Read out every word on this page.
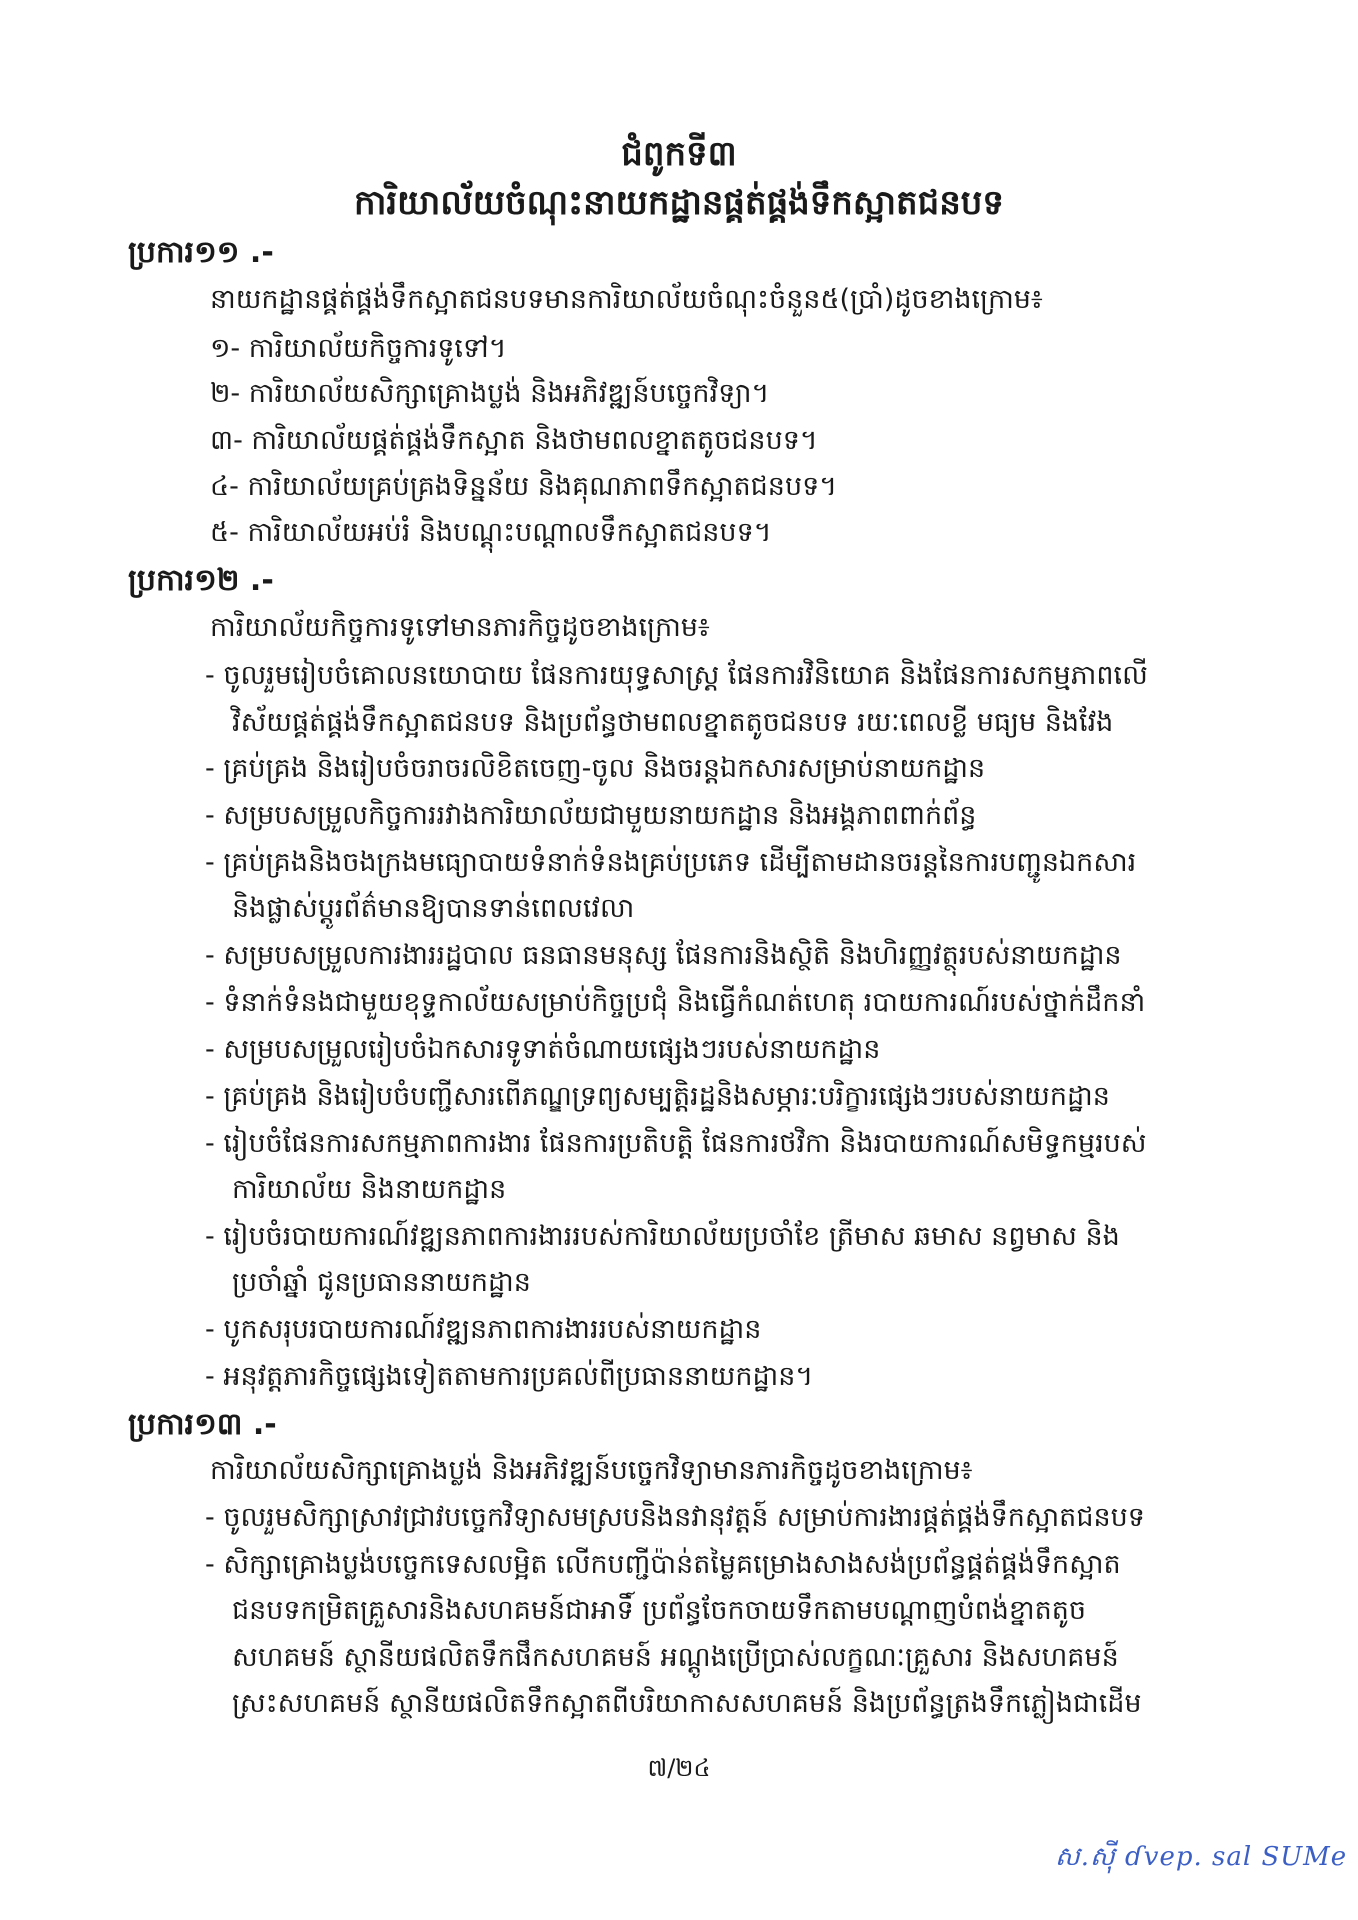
ជំពូកទី៣
ការិយាល័យចំណុះនាយកដ្ឋានផ្គត់ផ្គង់ទឹកស្អាតជនបទ
ប្រការ១១ .-
នាយកដ្ឋានផ្គត់ផ្គង់ទឹកស្អាតជនបទមានការិយាល័យចំណុះចំនួន៥(ប្រាំ)ដូចខាងក្រោម៖
១- ការិយាល័យកិច្ចការទូទៅ។
២- ការិយាល័យសិក្សាគ្រោងប្លង់ និងអភិវឌ្ឍន៍បច្ចេកវិទ្យា។
៣- ការិយាល័យផ្គត់ផ្គង់ទឹកស្អាត និងថាមពលខ្នាតតូចជនបទ។
៤- ការិយាល័យគ្រប់គ្រងទិន្នន័យ និងគុណភាពទឹកស្អាតជនបទ។
៥- ការិយាល័យអប់រំ និងបណ្តុះបណ្តាលទឹកស្អាតជនបទ។
ប្រការ១២ .-
ការិយាល័យកិច្ចការទូទៅមានភារកិច្ចដូចខាងក្រោម៖
- ចូលរួមរៀបចំគោលនយោបាយ ផែនការយុទ្ធសាស្ត្រ ផែនការវិនិយោគ និងផែនការសកម្មភាពលើ
វិស័យផ្គត់ផ្គង់ទឹកស្អាតជនបទ និងប្រព័ន្ធថាមពលខ្នាតតូចជនបទ រយៈពេលខ្លី មធ្យម និងវែង
- គ្រប់គ្រង និងរៀបចំចរាចរលិខិតចេញ-ចូល និងចរន្តឯកសារសម្រាប់នាយកដ្ឋាន
- សម្របសម្រួលកិច្ចការរវាងការិយាល័យជាមួយនាយកដ្ឋាន និងអង្គភាពពាក់ព័ន្ធ
- គ្រប់គ្រងនិងចងក្រងមធ្យោបាយទំនាក់ទំនងគ្រប់ប្រភេទ ដើម្បីតាមដានចរន្តនៃការបញ្ជូនឯកសារ
និងផ្លាស់ប្តូរព័ត៌មានឱ្យបានទាន់ពេលវេលា
- សម្របសម្រួលការងាររដ្ឋបាល ធនធានមនុស្ស ផែនការនិងស្ថិតិ និងហិរញ្ញវត្ថុរបស់នាយកដ្ឋាន
- ទំនាក់ទំនងជាមួយខុទ្ទកាល័យសម្រាប់កិច្ចប្រជុំ និងធ្វើកំណត់ហេតុ របាយការណ៍របស់ថ្នាក់ដឹកនាំ
- សម្របសម្រួលរៀបចំឯកសារទូទាត់ចំណាយផ្សេងៗរបស់នាយកដ្ឋាន
- គ្រប់គ្រង និងរៀបចំបញ្ជីសារពើភណ្ឌទ្រព្យសម្បត្តិរដ្ឋនិងសម្ភារៈបរិក្ខារផ្សេងៗរបស់នាយកដ្ឋាន
- រៀបចំផែនការសកម្មភាពការងារ ផែនការប្រតិបត្តិ ផែនការថវិកា និងរបាយការណ៍សមិទ្ធកម្មរបស់
ការិយាល័យ និងនាយកដ្ឋាន
- រៀបចំរបាយការណ៍វឌ្ឍនភាពការងាររបស់ការិយាល័យប្រចាំខែ ត្រីមាស ឆមាស នព្វមាស និង
ប្រចាំឆ្នាំ ជូនប្រធាននាយកដ្ឋាន
- បូកសរុបរបាយការណ៍វឌ្ឍនភាពការងាររបស់នាយកដ្ឋាន
- អនុវត្តភារកិច្ចផ្សេងទៀតតាមការប្រគល់ពីប្រធាននាយកដ្ឋាន។
ប្រការ១៣ .-
ការិយាល័យសិក្សាគ្រោងប្លង់ និងអភិវឌ្ឍន៍បច្ចេកវិទ្យាមានភារកិច្ចដូចខាងក្រោម៖
- ចូលរួមសិក្សាស្រាវជ្រាវបច្ចេកវិទ្យាសមស្របនិងនវានុវត្តន៍ សម្រាប់ការងារផ្គត់ផ្គង់ទឹកស្អាតជនបទ
- សិក្សាគ្រោងប្លង់បច្ចេកទេសលម្អិត លើកបញ្ជីប៉ាន់តម្លៃគម្រោងសាងសង់ប្រព័ន្ធផ្គត់ផ្គង់ទឹកស្អាត
ជនបទកម្រិតគ្រួសារនិងសហគមន៍ជាអាទិ៍ ប្រព័ន្ធចែកចាយទឹកតាមបណ្តាញបំពង់ខ្នាតតូច
សហគមន៍ ស្ថានីយផលិតទឹកផឹកសហគមន៍ អណ្តូងប្រើប្រាស់លក្ខណៈគ្រួសារ និងសហគមន៍
ស្រះសហគមន៍ ស្ថានីយផលិតទឹកស្អាតពីបរិយាកាសសហគមន៍ និងប្រព័ន្ធត្រងទឹកភ្លៀងជាដើម
៧/២៤
ស.ស៊ី ɗvep. sal SUMe
